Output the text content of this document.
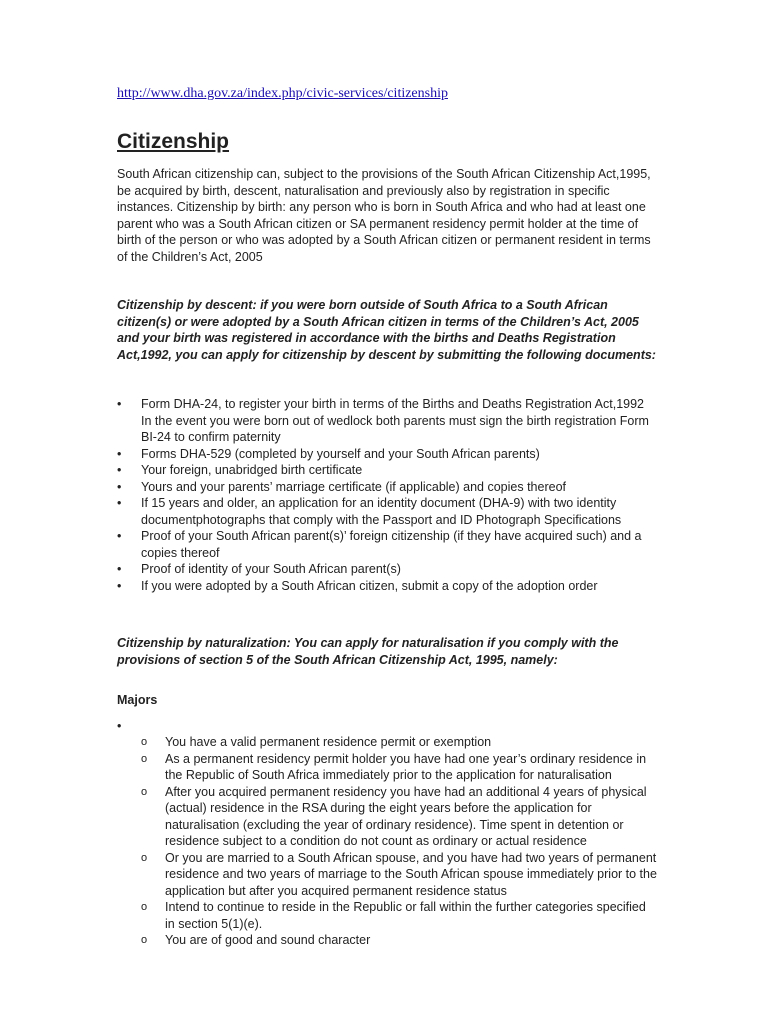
http://www.dha.gov.za/index.php/civic-services/citizenship
Citizenship

South African citizenship can, subject to the provisions of the South African Citizenship Act,1995, be acquired by birth, descent, naturalisation and previously also by registration in specific instances. Citizenship by birth: any person who is born in South Africa and who had at least one parent who was a South African citizen or SA permanent residency permit holder at the time of birth of the person or who was adopted by a South African citizen or permanent resident in terms of the Children’s Act, 2005

Citizenship by descent: if you were born outside of South Africa to a South African citizen(s) or were adopted by a South African citizen in terms of the Children’s Act, 2005 and your birth was registered in accordance with the births and Deaths Registration Act,1992, you can apply for citizenship by descent by submitting the following documents:

•	Form DHA-24, to register your birth in terms of the Births and Deaths Registration Act,1992 In the event you were born out of wedlock both parents must sign the birth registration Form BI-24 to confirm paternity
•	Forms DHA-529 (completed by yourself and your South African parents)
•	Your foreign, unabridged birth certificate
•	Yours and your parents’ marriage certificate (if applicable) and copies thereof
•	If 15 years and older, an application for an identity document (DHA-9) with two identity documentphotographs that comply with the Passport and ID Photograph Specifications
•	Proof of your South African parent(s)’ foreign citizenship (if they have acquired such) and a copies thereof
•	Proof of identity of your South African parent(s)
•	If you were adopted by a South African citizen, submit a copy of the adoption order

Citizenship by naturalization: You can apply for naturalisation if you comply with the provisions of section 5 of the South African Citizenship Act, 1995, namely:

Majors

•
o You have a valid permanent residence permit or exemption
o As a permanent residency permit holder you have had one year’s ordinary residence in the Republic of South Africa immediately prior to the application for naturalisation
o After you acquired permanent residency you have had an additional 4 years of physical (actual) residence in the RSA during the eight years before the application for naturalisation (excluding the year of ordinary residence). Time spent in detention or residence subject to a condition do not count as ordinary or actual residence
o Or you are married to a South African spouse, and you have had two years of permanent residence and two years of marriage to the South African spouse immediately prior to the application but after you acquired permanent residence status
o Intend to continue to reside in the Republic or fall within the further categories specified in section 5(1)(e).
o You are of good and sound character
